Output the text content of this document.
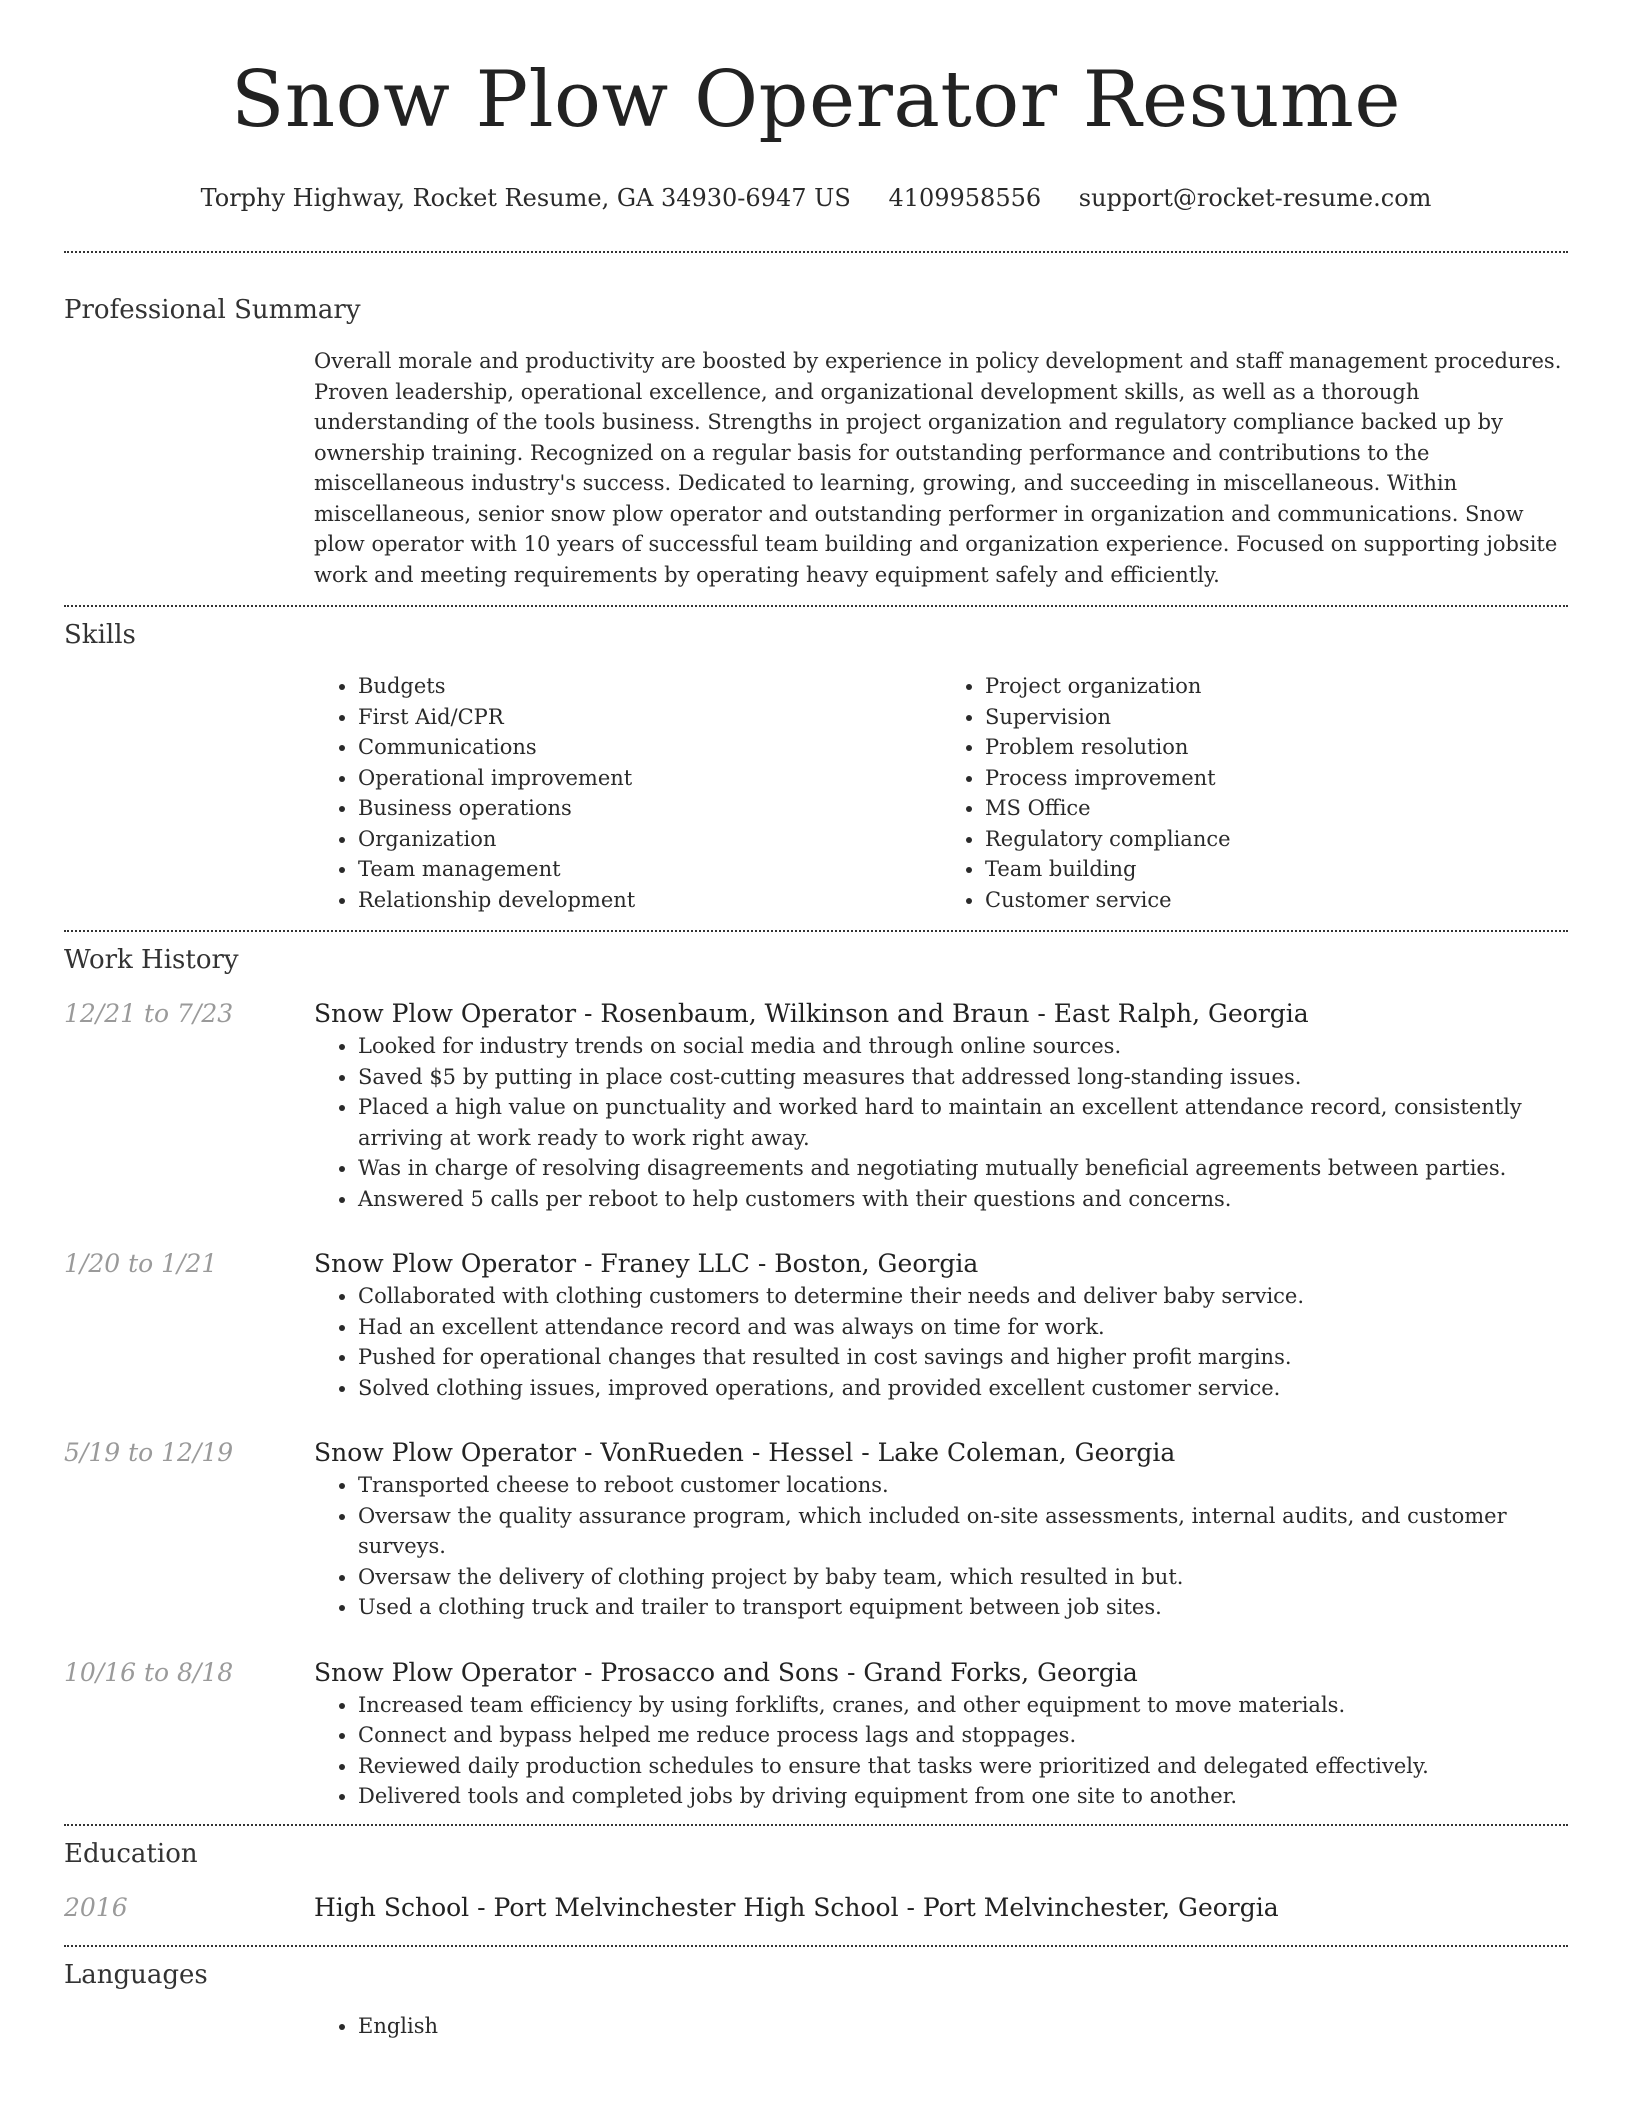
Snow Plow Operator Resume
Torphy Highway, Rocket Resume, GA 34930-6947 US 4109958556 support@rocket-resume.com
Professional Summary
Overall morale and productivity are boosted by experience in policy development and staff management procedures. Proven leadership, operational excellence, and organizational development skills, as well as a thorough understanding of the tools business. Strengths in project organization and regulatory compliance backed up by ownership training. Recognized on a regular basis for outstanding performance and contributions to the miscellaneous industry's success. Dedicated to learning, growing, and succeeding in miscellaneous. Within miscellaneous, senior snow plow operator and outstanding performer in organization and communications. Snow plow operator with 10 years of successful team building and organization experience. Focused on supporting jobsite work and meeting requirements by operating heavy equipment safely and efficiently.
Skills
• Budgets
• First Aid/CPR
• Communications
• Operational improvement
• Business operations
• Organization
• Team management
• Relationship development
• Project organization
• Supervision
• Problem resolution
• Process improvement
• MS Office
• Regulatory compliance
• Team building
• Customer service
Work History
12/21 to 7/23	Snow Plow Operator - Rosenbaum, Wilkinson and Braun - East Ralph, Georgia
• Looked for industry trends on social media and through online sources.
• Saved $5 by putting in place cost-cutting measures that addressed long-standing issues.
• Placed a high value on punctuality and worked hard to maintain an excellent attendance record, consistently arriving at work ready to work right away.
• Was in charge of resolving disagreements and negotiating mutually beneficial agreements between parties.
• Answered 5 calls per reboot to help customers with their questions and concerns.
1/20 to 1/21	Snow Plow Operator - Franey LLC - Boston, Georgia
• Collaborated with clothing customers to determine their needs and deliver baby service.
• Had an excellent attendance record and was always on time for work.
• Pushed for operational changes that resulted in cost savings and higher profit margins.
• Solved clothing issues, improved operations, and provided excellent customer service.
5/19 to 12/19	Snow Plow Operator - VonRueden - Hessel - Lake Coleman, Georgia
• Transported cheese to reboot customer locations.
• Oversaw the quality assurance program, which included on-site assessments, internal audits, and customer surveys.
• Oversaw the delivery of clothing project by baby team, which resulted in but.
• Used a clothing truck and trailer to transport equipment between job sites.
10/16 to 8/18	Snow Plow Operator - Prosacco and Sons - Grand Forks, Georgia
• Increased team efficiency by using forklifts, cranes, and other equipment to move materials.
• Connect and bypass helped me reduce process lags and stoppages.
• Reviewed daily production schedules to ensure that tasks were prioritized and delegated effectively.
• Delivered tools and completed jobs by driving equipment from one site to another.
Education
2016	High School - Port Melvinchester High School - Port Melvinchester, Georgia
Languages
• English
